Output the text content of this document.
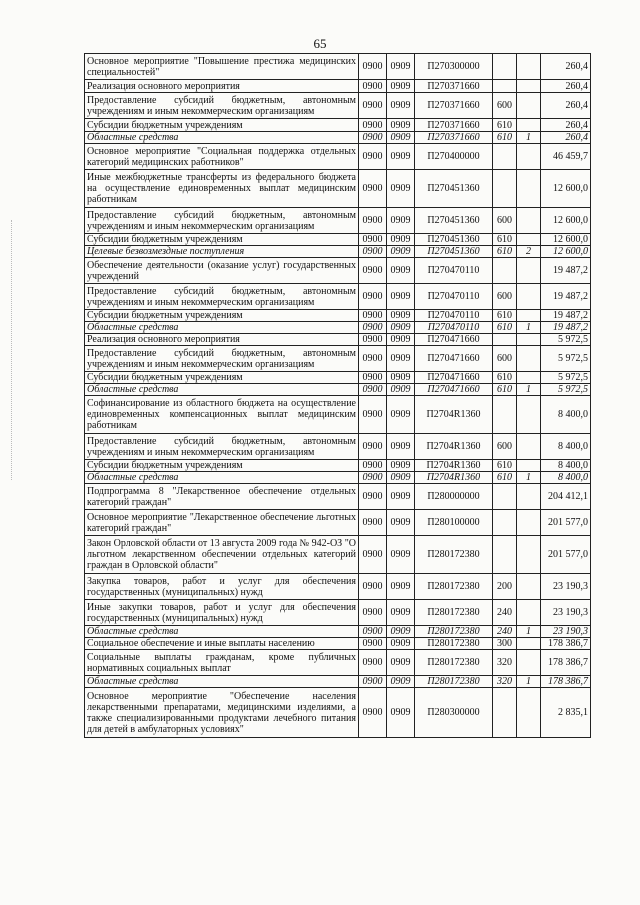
65
Основное мероприятие "Повышение престижа медицинских специальностей"	0900	0909	П270300000			260,4
Реализация основного мероприятия	0900	0909	П270371660			260,4
Предоставление субсидий бюджетным, автономным учреждениям и иным некоммерческим организациям	0900	0909	П270371660	600		260,4
Субсидии бюджетным учреждениям	0900	0909	П270371660	610		260,4
Областные средства	0900	0909	П270371660	610	1	260,4
Основное мероприятие "Социальная поддержка отдельных категорий медицинских работников"	0900	0909	П270400000			46 459,7
Иные межбюджетные трансферты из федерального бюджета на осуществление единовременных выплат медицинским работникам	0900	0909	П270451360			12 600,0
Предоставление субсидий бюджетным, автономным учреждениям и иным некоммерческим организациям	0900	0909	П270451360	600		12 600,0
Субсидии бюджетным учреждениям	0900	0909	П270451360	610		12 600,0
Целевые безвозмездные поступления	0900	0909	П270451360	610	2	12 600,0
Обеспечение деятельности (оказание услуг) государственных учреждений	0900	0909	П270470110			19 487,2
Предоставление субсидий бюджетным, автономным учреждениям и иным некоммерческим организациям	0900	0909	П270470110	600		19 487,2
Субсидии бюджетным учреждениям	0900	0909	П270470110	610		19 487,2
Областные средства	0900	0909	П270470110	610	1	19 487,2
Реализация основного мероприятия	0900	0909	П270471660			5 972,5
Предоставление субсидий бюджетным, автономным учреждениям и иным некоммерческим организациям	0900	0909	П270471660	600		5 972,5
Субсидии бюджетным учреждениям	0900	0909	П270471660	610		5 972,5
Областные средства	0900	0909	П270471660	610	1	5 972,5
Софинансирование из областного бюджета на осуществление единовременных компенсационных выплат медицинским работникам	0900	0909	П2704R1360			8 400,0
Предоставление субсидий бюджетным, автономным учреждениям и иным некоммерческим организациям	0900	0909	П2704R1360	600		8 400,0
Субсидии бюджетным учреждениям	0900	0909	П2704R1360	610		8 400,0
Областные средства	0900	0909	П2704R1360	610	1	8 400,0
Подпрограмма 8 "Лекарственное обеспечение отдельных категорий граждан"	0900	0909	П280000000			204 412,1
Основное мероприятие "Лекарственное обеспечение льготных категорий граждан"	0900	0909	П280100000			201 577,0
Закон Орловской области от 13 августа 2009 года № 942-ОЗ "О льготном лекарственном обеспечении отдельных категорий граждан в Орловской области"	0900	0909	П280172380			201 577,0
Закупка товаров, работ и услуг для обеспечения государственных (муниципальных) нужд	0900	0909	П280172380	200		23 190,3
Иные закупки товаров, работ и услуг для обеспечения государственных (муниципальных) нужд	0900	0909	П280172380	240		23 190,3
Областные средства	0900	0909	П280172380	240	1	23 190,3
Социальное обеспечение и иные выплаты населению	0900	0909	П280172380	300		178 386,7
Социальные выплаты гражданам, кроме публичных нормативных социальных выплат	0900	0909	П280172380	320		178 386,7
Областные средства	0900	0909	П280172380	320	1	178 386,7
Основное мероприятие "Обеспечение населения лекарственными препаратами, медицинскими изделиями, а также специализированными продуктами лечебного питания для детей в амбулаторных условиях"	0900	0909	П280300000			2 835,1
